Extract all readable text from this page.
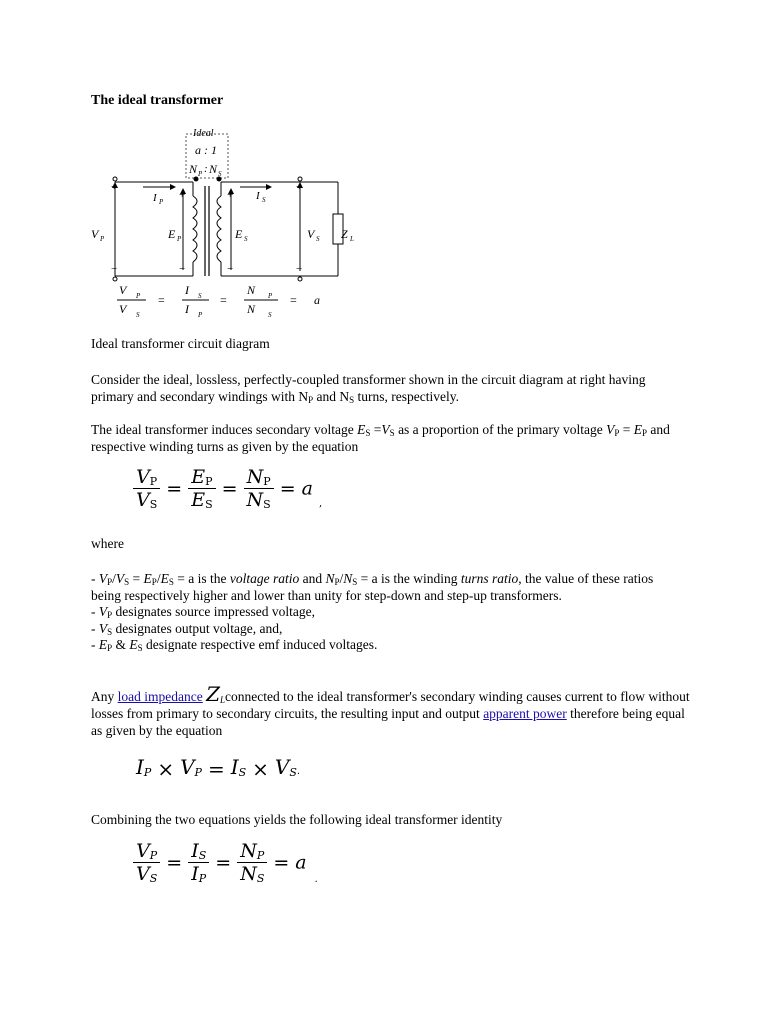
The ideal transformer
Ideal
a : 1
N P : N S
I P	I S
V P	E P	E S	V S Z L
+
+	+
+
−	−	−	−
V P
V S
=
I S
I P
=
N P
N S
= a
Ideal transformer circuit diagram
Consider the ideal, lossless, perfectly-coupled transformer shown in the circuit diagram at right having primary and secondary windings with $N_P$ and $N_S$ turns, respectively.
The ideal transformer induces secondary voltage $E_S =V_S$ as a proportion of the primary voltage $V_P = E_P$ and respective winding turns as given by the equation
$\frac{V_P}{V_S} = \frac{E_P}{E_S} = \frac{N_P}{N_S} = a_,$
where
- $V_P/V_S = E_P/E_S = a$ is the voltage ratio and $N_P/N_S = a$ is the winding turns ratio, the value of these ratios being respectively higher and lower than unity for step-down and step-up transformers.
- $V_P$ designates source impressed voltage,
- $V_S$ designates output voltage, and,
- $E_P$ & $E_S$ designate respective emf induced voltages.
Any load impedance $Z_Lconnected$ to the ideal transformer's secondary winding causes current to flow without losses from primary to secondary circuits, the resulting input and output apparent power therefore being equal as given by the equation
$I_P \times V_P = I_S \times V_S$.
Combining the two equations yields the following ideal transformer identity
$\frac{V_P}{V_S} = \frac{I_S}{I_P} = \frac{N_P}{N_S} = a_.$
